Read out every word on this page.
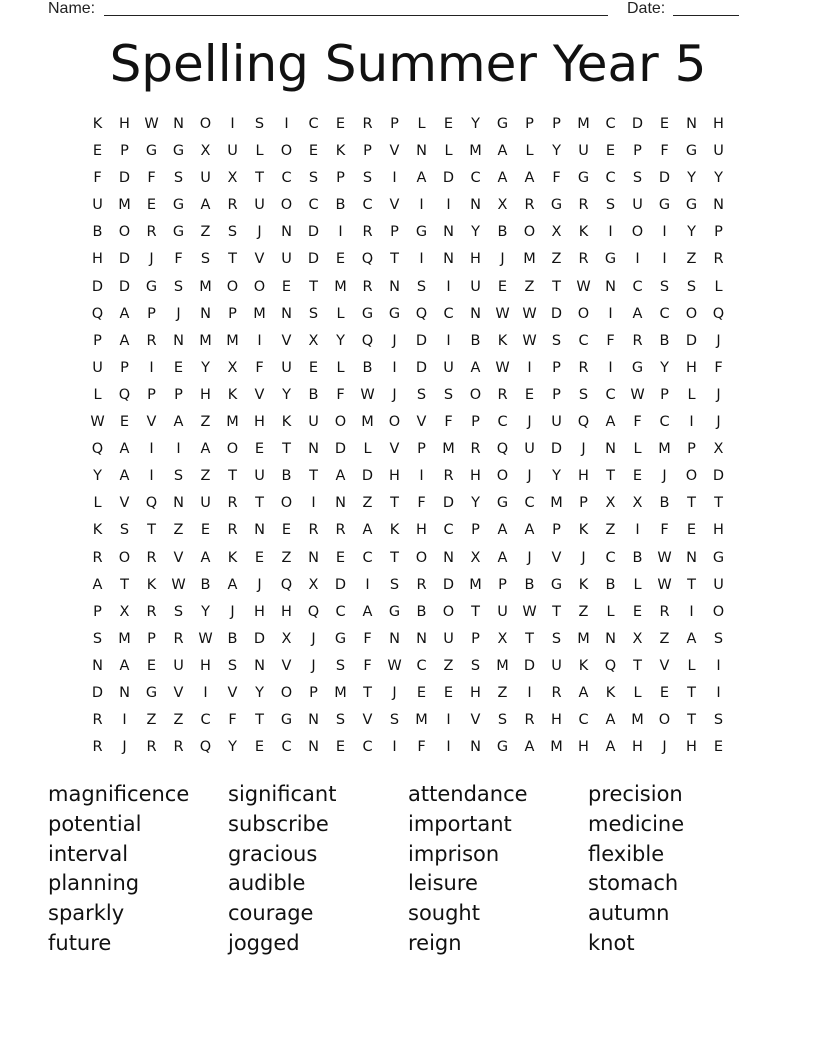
Name:	Date:
Spelling Summer Year 5
K	H W N	O	I	S	I	C	E	R	P	L	E	Y	G	P	P	M	C	D	E	N	H
E	P	G	G	X	U	L	O	E	K	P	V	N	L	M	A	L	Y	U	E	P	F	G	U
F	D	F	S	U	X	T	C	S	P	S	I	A	D	C	A	A	F	G	C	S	D	Y	Y
U	M	E	G	A	R	U	O	C	B	C	V	I	I	N	X	R	G	R	S	U	G	G	N
B	O	R	G	Z	S	J	N	D	I	R	P	G	N	Y	B	O	X	K	I	O	I	Y	P
H	D	J	F	S	T	V	U	D	E	Q	T	I	N	H	J	M	Z	R	G	I	I	Z	R
D	D	G	S	M	O	O	E	T	M	R	N	S	I	U	E	Z	T	W N	C	S	S	L
Q	A	P	J	N	P	M	N	S	L	G	G	Q	C	N W W D	O	I	A	C	O	Q
P	A	R	N	M M	I	V	X	Y	Q	J	D	I	B	K	W	S	C	F	R	B	D	J
U	P	I	E	Y	X	F	U	E	L	B	I	D	U	A	W	I	P	R	I	G	Y	H	F
L	Q	P	P	H	K	V	Y	B	F	W	J	S	S	O	R	E	P	S	C	W	P	L	J
W	E	V	A	Z	M	H	K	U	O	M	O	V	F	P	C	J	U	Q	A	F	C	I	J
Q	A	I	I	A	O	E	T	N	D	L	V	P	M	R	Q	U	D	J	N	L	M	P	X
Y	A	I	S	Z	T	U	B	T	A	D	H	I	R	H	O	J	Y	H	T	E	J	O	D
L	V	Q	N	U	R	T	O	I	N	Z	T	F	D	Y	G	C	M	P	X	X	B	T	T
K	S	T	Z	E	R	N	E	R	R	A	K	H	C	P	A	A	P	K	Z	I	F	E	H
R	O	R	V	A	K	E	Z	N	E	C	T	O	N	X	A	J	V	J	C	B	W N	G
A	T	K	W	B	A	J	Q	X	D	I	S	R	D	M	P	B	G	K	B	L	W	T	U
P	X	R	S	Y	J	H	H	Q	C	A	G	B	O	T	U	W	T	Z	L	E	R	I	O
S	M	P	R	W	B	D	X	J	G	F	N	N	U	P	X	T	S	M	N	X	Z	A	S
N	A	E	U	H	S	N	V	J	S	F	W	C	Z	S	M	D	U	K	Q	T	V	L	I
D	N	G	V	I	V	Y	O	P	M	T	J	E	E	H	Z	I	R	A	K	L	E	T	I
R	I	Z	Z	C	F	T	G	N	S	V	S	M	I	V	S	R	H	C	A	M	O	T	S
R	J	R	R	Q	Y	E	C	N	E	C	I	F	I	N	G	A	M	H	A	H	J	H	E
magnificence
potential
interval
planning
sparkly
future
significant
subscribe
gracious
audible
courage
jogged
attendance
important
imprison
leisure
sought
reign
precision
medicine
flexible
stomach
autumn
knot
